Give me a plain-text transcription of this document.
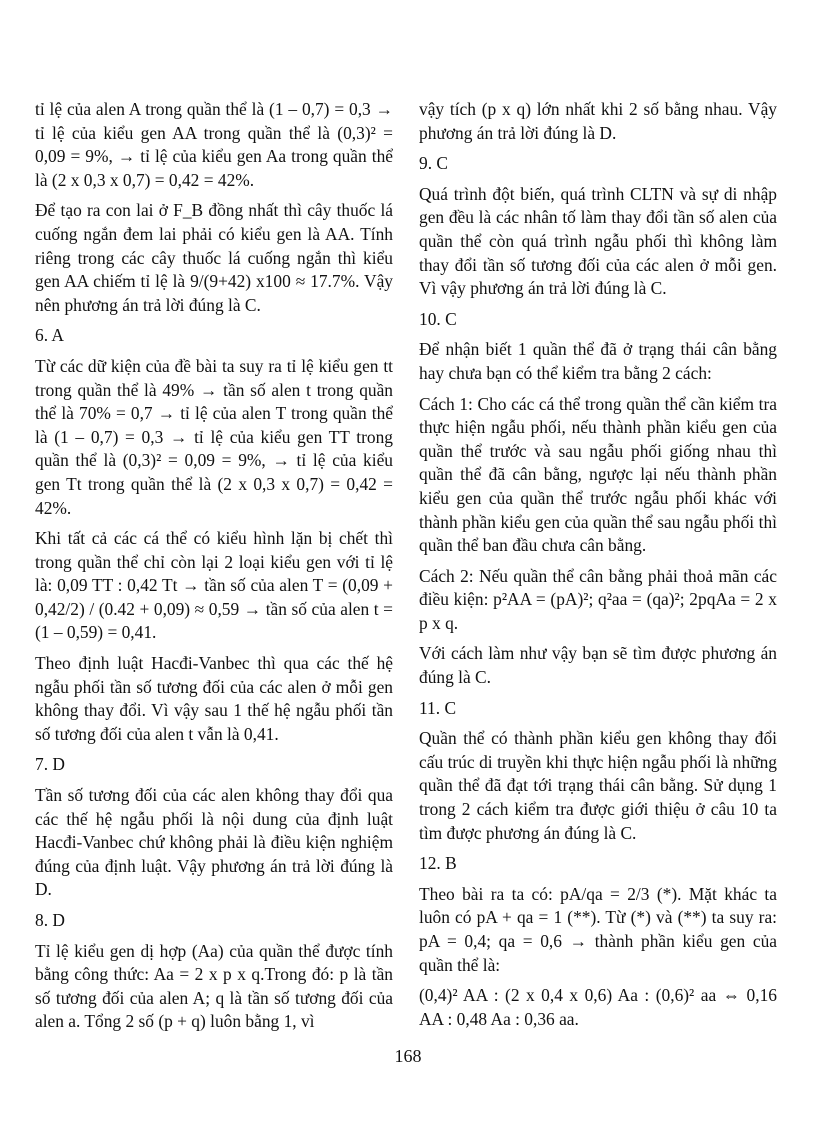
tỉ lệ của alen A trong quần thể là (1 – 0,7) = 0,3 → tỉ lệ của kiểu gen AA trong quần thể là (0,3)² = 0,09 = 9%, → tỉ lệ của kiểu gen Aa trong quần thể là (2 x 0,3 x 0,7) = 0,42 = 42%.

Để tạo ra con lai ở F_B đồng nhất thì cây thuốc lá cuống ngắn đem lai phải có kiểu gen là AA. Tính riêng trong các cây thuốc lá cuống ngắn thì kiểu gen AA chiếm tỉ lệ là 9/(9+42) x100 ≈ 17.7%. Vậy nên phương án trả lời đúng là C.

6. A

Từ các dữ kiện của đề bài ta suy ra tỉ lệ kiểu gen tt trong quần thể là 49% → tần số alen t trong quần thể là 70% = 0,7 → tỉ lệ của alen T trong quần thể là (1 – 0,7) = 0,3 → tỉ lệ của kiểu gen TT trong quần thể là (0,3)² = 0,09 = 9%, → tỉ lệ của kiểu gen Tt trong quần thể là (2 x 0,3 x 0,7) = 0,42 = 42%.

Khi tất cả các cá thể có kiểu hình lặn bị chết thì trong quần thể chỉ còn lại 2 loại kiểu gen với tỉ lệ là: 0,09 TT : 0,42 Tt → tần số của alen T = (0,09 + 0,42/2) / (0.42 + 0,09) ≈ 0,59 → tần số của alen t = (1 – 0,59) = 0,41.

Theo định luật Hacđi-Vanbec thì qua các thế hệ ngẫu phối tần số tương đối của các alen ở mỗi gen không thay đổi. Vì vậy sau 1 thế hệ ngẫu phối tần số tương đối của alen t vẫn là 0,41.

7. D

Tần số tương đối của các alen không thay đổi qua các thế hệ ngẫu phối là nội dung của định luật Hacđi-Vanbec chứ không phải là điều kiện nghiệm đúng của định luật. Vậy phương án trả lời đúng là D.

8. D

Tỉ lệ kiểu gen dị hợp (Aa) của quần thể được tính bằng công thức: Aa = 2 x p x q.Trong đó: p là tần số tương đối của alen A; q là tần số tương đối của alen a. Tổng 2 số (p + q) luôn bằng 1, vì

vậy tích (p x q) lớn nhất khi 2 số bằng nhau. Vậy phương án trả lời đúng là D.

9. C

Quá trình đột biến, quá trình CLTN và sự di nhập gen đều là các nhân tố làm thay đổi tần số alen của quần thể còn quá trình ngẫu phối thì không làm thay đổi tần số tương đối của các alen ở mỗi gen. Vì vậy phương án trả lời đúng là C.

10. C

Để nhận biết 1 quần thể đã ở trạng thái cân bằng hay chưa bạn có thể kiểm tra bằng 2 cách:

Cách 1: Cho các cá thể trong quần thể cần kiểm tra thực hiện ngẫu phối, nếu thành phần kiểu gen của quần thể trước và sau ngẫu phối giống nhau thì quần thể đã cân bằng, ngược lại nếu thành phần kiểu gen của quần thể trước ngẫu phối khác với thành phần kiểu gen của quần thể sau ngẫu phối thì quần thể ban đầu chưa cân bằng.

Cách 2: Nếu quần thể cân bằng phải thoả mãn các điều kiện: p²AA = (pA)²; q²aa = (qa)²; 2pqAa = 2 x p x q.

Với cách làm như vậy bạn sẽ tìm được phương án đúng là C.

11. C

Quần thể có thành phần kiểu gen không thay đổi cấu trúc di truyền khi thực hiện ngẫu phối là những quần thể đã đạt tới trạng thái cân bằng. Sử dụng 1 trong 2 cách kiểm tra được giới thiệu ở câu 10 ta tìm được phương án đúng là C.

12. B

Theo bài ra ta có: pA/qa = 2/3 (*). Mặt khác ta luôn có pA + qa = 1 (**). Từ (*) và (**) ta suy ra: pA = 0,4; qa = 0,6 → thành phần kiểu gen của quần thể là:

(0,4)² AA : (2 x 0,4 x 0,6) Aa : (0,6)² aa ⇔ 0,16 AA : 0,48 Aa : 0,36 aa.

168
